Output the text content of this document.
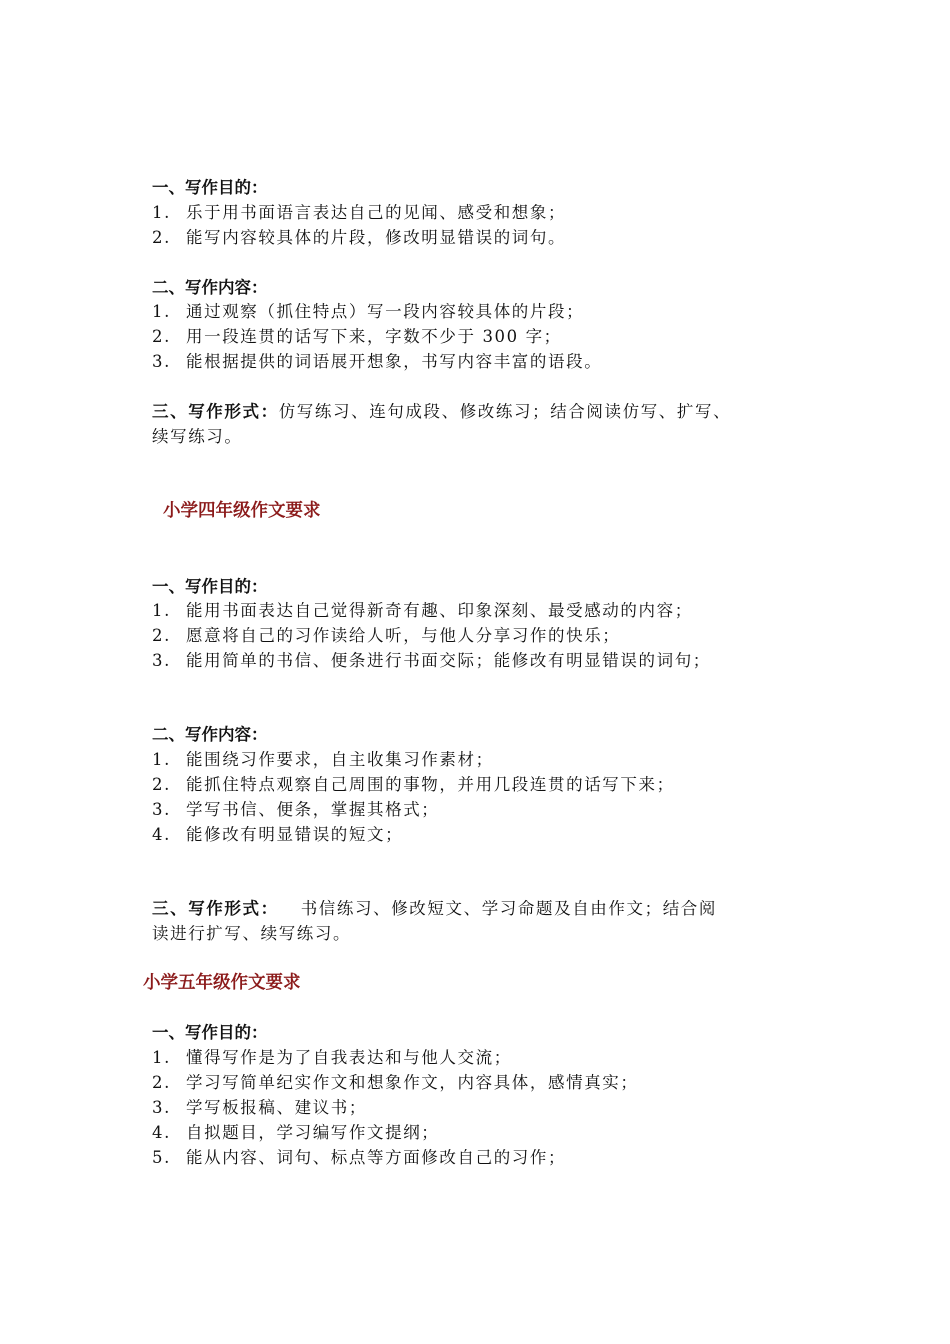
一、写作目的：
1. 乐于用书面语言表达自己的见闻、感受和想象；
2. 能写内容较具体的片段，修改明显错误的词句。
二、写作内容：
1. 通过观察（抓住特点）写一段内容较具体的片段；
2. 用一段连贯的话写下来，字数不少于 300 字；
3. 能根据提供的词语展开想象，书写内容丰富的语段。
三、写作形式：仿写练习、连句成段、修改练习；结合阅读仿写、扩写、
续写练习。
小学四年级作文要求
一、写作目的：
1. 能用书面表达自己觉得新奇有趣、印象深刻、最受感动的内容；
2. 愿意将自己的习作读给人听，与他人分享习作的快乐；
3. 能用简单的书信、便条进行书面交际；能修改有明显错误的词句；
二、写作内容：
1. 能围绕习作要求，自主收集习作素材；
2. 能抓住特点观察自己周围的事物，并用几段连贯的话写下来；
3. 学写书信、便条，掌握其格式；
4. 能修改有明显错误的短文；
三、写作形式： 书信练习、修改短文、学习命题及自由作文；结合阅
读进行扩写、续写练习。
小学五年级作文要求
一、写作目的：
1. 懂得写作是为了自我表达和与他人交流；
2. 学习写简单纪实作文和想象作文，内容具体，感情真实；
3. 学写板报稿、建议书；
4. 自拟题目，学习编写作文提纲；
5. 能从内容、词句、标点等方面修改自己的习作；
